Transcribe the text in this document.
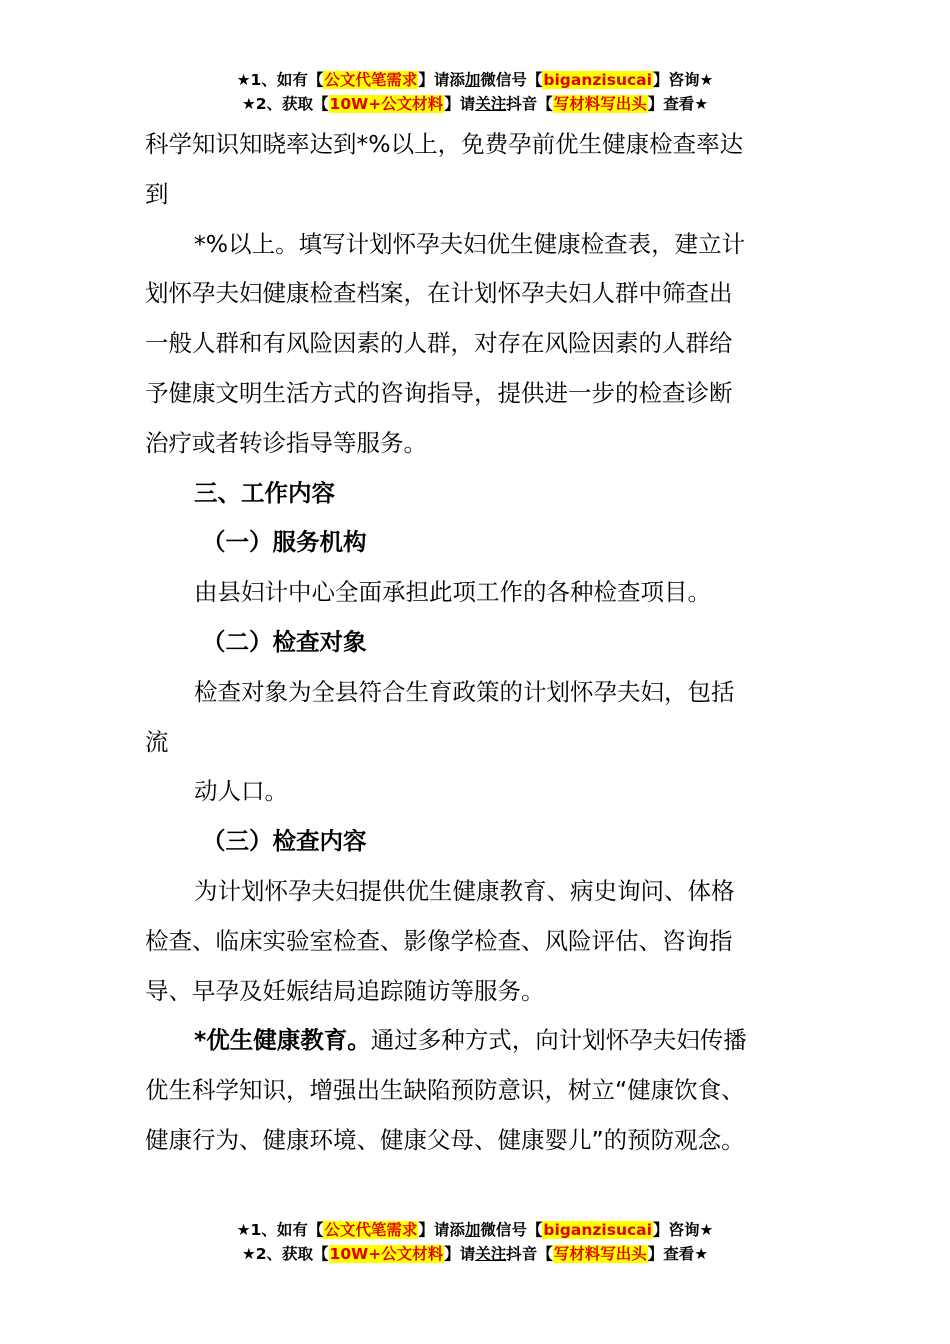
★1、如有【公文代笔需求】请添加微信号【biganzisucai】咨询★
★2、获取【10W+公文材料】请关注抖音【写材料写出头】查看★
科学知识知晓率达到*%以上，免费孕前优生健康检查率达
到
*%以上。填写计划怀孕夫妇优生健康检查表，建立计
划怀孕夫妇健康检查档案，在计划怀孕夫妇人群中筛查出
一般人群和有风险因素的人群，对存在风险因素的人群给
予健康文明生活方式的咨询指导，提供进一步的检查诊断
治疗或者转诊指导等服务。
三、工作内容
（一）服务机构
由县妇计中心全面承担此项工作的各种检查项目。
（二）检查对象
检查对象为全县符合生育政策的计划怀孕夫妇，包括
流
动人口。
（三）检查内容
为计划怀孕夫妇提供优生健康教育、病史询问、体格
检查、临床实验室检查、影像学检查、风险评估、咨询指
导、早孕及妊娠结局追踪随访等服务。
*优生健康教育。通过多种方式，向计划怀孕夫妇传播
优生科学知识，增强出生缺陷预防意识，树立“健康饮食、
健康行为、健康环境、健康父母、健康婴儿”的预防观念。
★1、如有【公文代笔需求】请添加微信号【biganzisucai】咨询★
★2、获取【10W+公文材料】请关注抖音【写材料写出头】查看★
